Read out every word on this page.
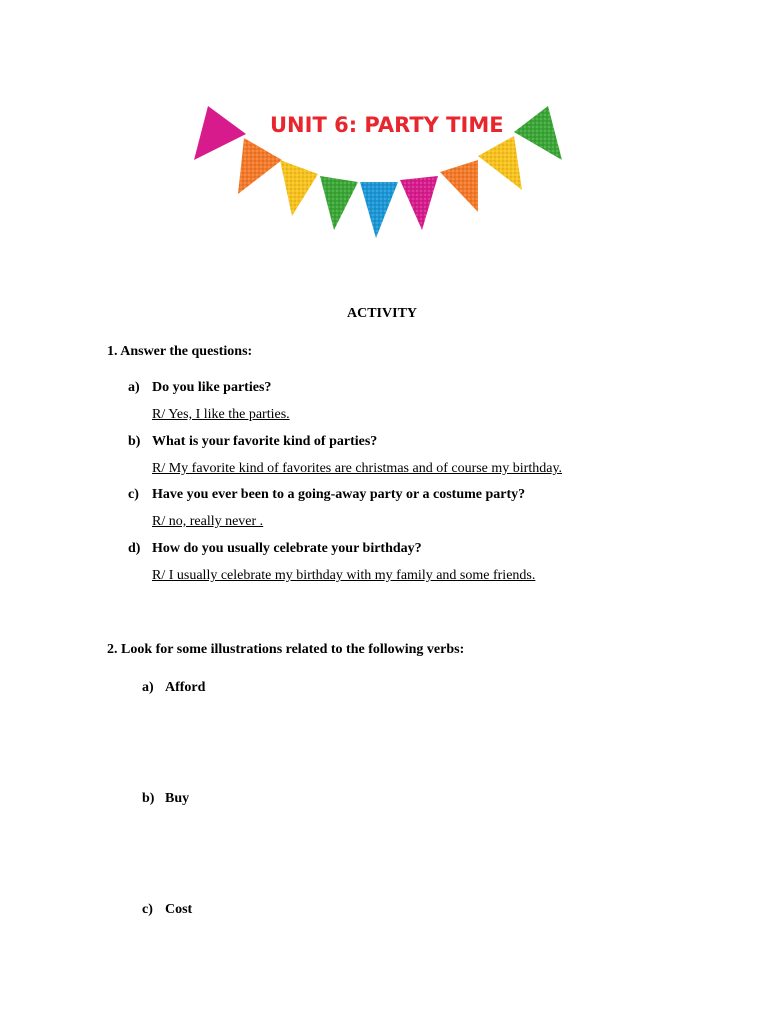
UNIT 6: PARTY TIME
ACTIVITY
1. Answer the questions:
a) Do you like parties?
R/ Yes, I like the parties.
b) What is your favorite kind of parties?
R/ My favorite kind of favorites are christmas and of course my birthday.
c) Have you ever been to a going-away party or a costume party?
R/ no, really never .
d) How do you usually celebrate your birthday?
R/ I usually celebrate my birthday with my family and some friends.
2. Look for some illustrations related to the following verbs:
a) Afford
b) Buy
c) Cost
